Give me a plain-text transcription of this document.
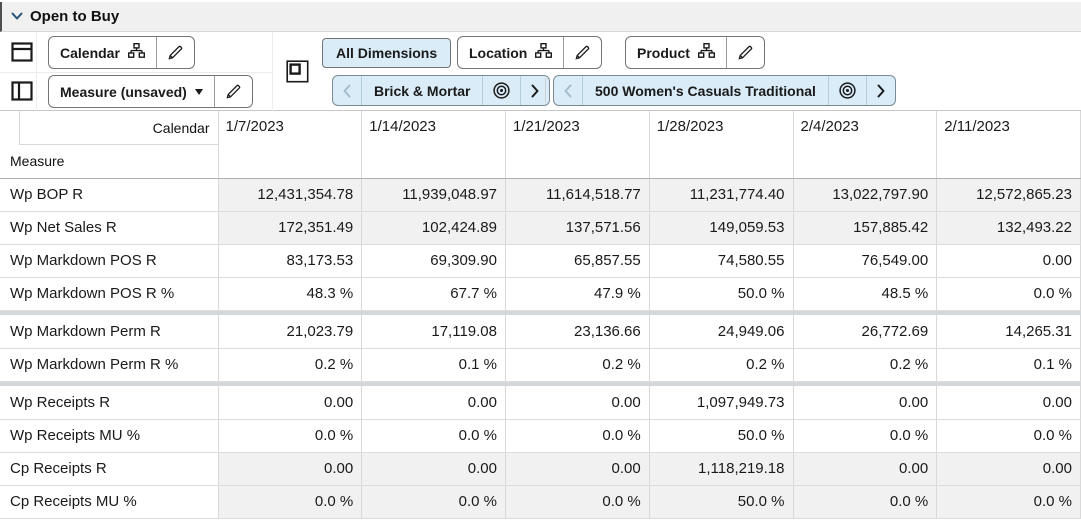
Open to Buy
Calendar
Measure (unsaved)
All Dimensions Location	Product
Brick & Mortar	500 Women's Casuals Traditional
Calendar	1/7/2023	1/14/2023	1/21/2023	1/28/2023	2/4/2023	2/11/2023
Measure						
Wp BOP R	12,431,354.78	11,939,048.97	11,614,518.77	11,231,774.40	13,022,797.90	12,572,865.23
Wp Net Sales R	172,351.49	102,424.89	137,571.56	149,059.53	157,885.42	132,493.22
Wp Markdown POS R	83,173.53	69,309.90	65,857.55	74,580.55	76,549.00	0.00
Wp Markdown POS R %	48.3 %	67.7 %	47.9 %	50.0 %	48.5 %	0.0 %

Wp Markdown Perm R	21,023.79	17,119.08	23,136.66	24,949.06	26,772.69	14,265.31
Wp Markdown Perm R %	0.2 %	0.1 %	0.2 %	0.2 %	0.2 %	0.1 %

Wp Receipts R	0.00	0.00	0.00	1,097,949.73	0.00	0.00
Wp Receipts MU %	0.0 %	0.0 %	0.0 %	50.0 %	0.0 %	0.0 %
Cp Receipts R	0.00	0.00	0.00	1,118,219.18	0.00	0.00
Cp Receipts MU %	0.0 %	0.0 %	0.0 %	50.0 %	0.0 %	0.0 %
